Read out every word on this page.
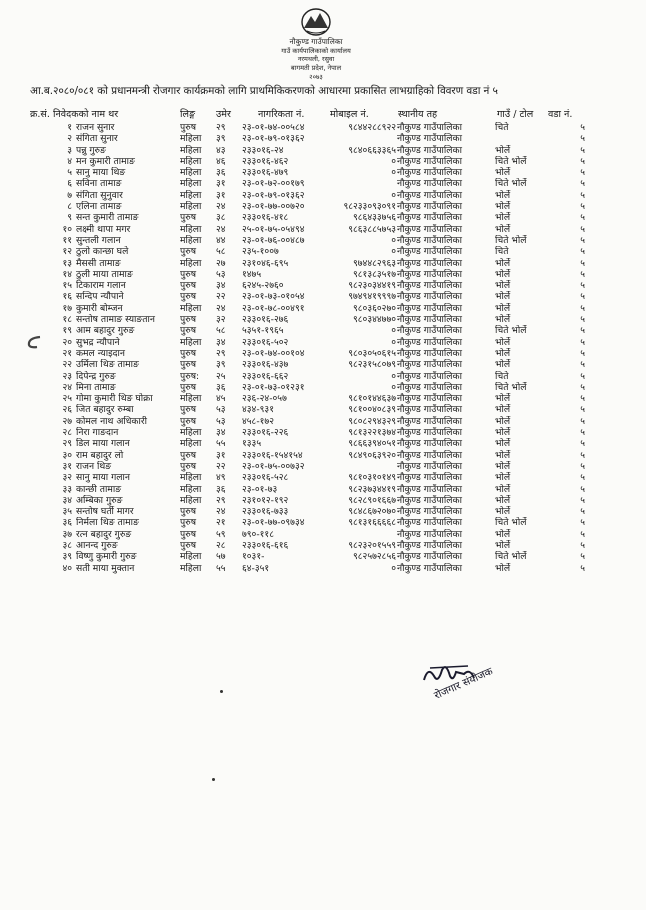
नौकुण्ड गाउँपालिका
गाउँ कार्यपालिकाको कार्यालय
नरमथली, रसुवा
बागमती प्रदेश, नेपाल
२०७३
आ.ब.२०८०/०८१ को प्रधानमन्त्री रोजगार कार्यक्रमको लागि प्राथमिकिकरणको आधारमा प्रकासित लाभग्राहिको विवरण वडा नं ५
क्र.सं. निवेदकको नाम थर	लिङ्ग	उमेर	नागरिकता नं.	मोबाइल नं.	स्थानीय तह	गाउँ / टोल	वडा नं.
१ राजन सुनार	पुरुष	२९	२३-०१-७४-००५८४	९८४४२८८९२२ नौकुण्ड गाउँपालिका	चिते	५
२ संगिता सुनार	महिला	३९	२३-०१-७९-०१३६२	नौकुण्ड गाउँपालिका	५
३ पन्नु गुरुङ	महिला	४३	२३३०१६-२४	९८४०६६३३६५ नौकुण्ड गाउँपालिका	भोर्ले	५
४ मन कुमारी तामाङ	महिला	४६	२३३०१६-४६२	० नौकुण्ड गाउँपालिका	चिते भोर्ले	५
५ सानु माया थिङ	महिला	३६	२३३०१६-४७९	० नौकुण्ड गाउँपालिका	भोर्ले	५
६ सविना तामाङ	महिला	३१	२३-०१-७२-००१७९	नौकुण्ड गाउँपालिका	चिते भोर्ले	५
७ संगिता सुनुवार	महिला	३१	२३-०१-७९-०१३६२	० नौकुण्ड गाउँपालिका	भोर्ले	५
८ एलिना तामाङ	महिला	२४	२३-०१-७७-००७२०	९८२३३०९३०९१ नौकुण्ड गाउँपालिका	भोर्ले	५
९ सन्त कुमारी तामाङ	पुरुष	३८	२३३०१६-४१८	९८६४३३७५६ नौकुण्ड गाउँपालिका	भोर्ले	५
१० लक्ष्मी थापा मगर	महिला	२४	२५-०१-७५-०५४९४	९८६३८८५७५३ नौकुण्ड गाउँपालिका	भोर्ले	५
११ सुन्तली गलान	महिला	४४	२३-०१-७६-००४८७	० नौकुण्ड गाउँपालिका	चिते भोर्ले	५
१२ ठुलो कान्छा घले	पुरुष	५८	२३५-१००७	० नौकुण्ड गाउँपालिका	चिते	५
१३ मैससी तामाङ	महिला	२७	२३१०४६-६९५	९७४४८२९६३ नौकुण्ड गाउँपालिका	भोर्ले	५
१४ ठुली माया तामाङ	पुरुष	५३	१४७५	९८१३८३५१७ नौकुण्ड गाउँपालिका	भोर्ले	५
१५ टिकाराम गलान	पुरुष	३४	६२४५-२७६०	९८२३०३४४१९ नौकुण्ड गाउँपालिका	भोर्ले	५
१६ सन्दिप न्यौपाने	पुरुष	२२	२३-०१-७३-०१०५४	९७४९४१९९९७ नौकुण्ड गाउँपालिका	भोर्ले	५
१७ कुमारी बोम्जन	महिला	२४	२३-०१-७८-००४९१	९८०३६०२७० नौकुण्ड गाउँपालिका	भोर्ले	५
१८ सन्तोष तामाङ स्याङतान	पुरुष	३२	२३३०१६-२७६	९८०३४४७७० नौकुण्ड गाउँपालिका	भोर्ले	५
१९ आम बहादुर गुरुङ	पुरुष	५८	५३५१-१९६५	० नौकुण्ड गाउँपालिका	चिते भोर्ले	५
२० सुभद्र न्यौपाने	महिला	३४	२३३०१६-५०२	० नौकुण्ड गाउँपालिका	भोर्ले	५
२१ कमल न्याइदान	पुरुष	२९	२३-०१-७४-००१०४	९८०३०५०६१५ नौकुण्ड गाउँपालिका	भोर्ले	५
२२ उर्मिला थिङ तामाङ	पुरुष	३९	२३३०१६-४३७	९८२३१५८०७९ नौकुण्ड गाउँपालिका	भोर्ले	५
२३ दिपेन्द्र गुरुङ	पुरुष:	२५	२३३०१६-६६२	० नौकुण्ड गाउँपालिका	चिते	५
२४ मिना तामाङ	पुरुष	३६	२३-०१-७३-०१२३१	० नौकुण्ड गाउँपालिका	चिते भोर्ले	५
२५ गोमा कुमारी थिङ घोक्रा	महिला	४५	२३६-२४-०५७	९८१०१४४६३७ नौकुण्ड गाउँपालिका	भोर्ले	५
२६ जित बहादुर रुम्बा	पुरुष	५३	४३४-९३१	९८१००४०८३९ नौकुण्ड गाउँपालिका	भोर्ले	५
२७ कोमल नाथ अधिकारी	पुरुष	५३	४५८-१७२	९८०८२९४३२९ नौकुण्ड गाउँपालिका	भोर्ले	५
२८ निरा गाङदान	महिला	३४	२३३०१६-२२६	९८१३२२१३७४ नौकुण्ड गाउँपालिका	भोर्ले	५
२९ डिल माया गलान	महिला	५५	१३३५	९८६६३९४०५१ नौकुण्ड गाउँपालिका	भोर्ले	५
३० राम बहादुर लो	पुरुष	३१	२३३०१६-१५४१५४	९८४९०६३९२० नौकुण्ड गाउँपालिका	भोर्ले	५
३१ राजन थिङ	पुरुष	२२	२३-०१-७५-००७३२	नौकुण्ड गाउँपालिका	भोर्ले	५
३२ सानु माया गलान	महिला	४९	२३३०१६-५२८	९८१०३१०१४९ नौकुण्ड गाउँपालिका	भोर्ले	५
३३ कान्छी तामाङ	महिला	३६	२३-०१-७३	९८२३७३४४१९ नौकुण्ड गाउँपालिका	भोर्ले	५
३४ अम्बिका गुरुङ	महिला	२९	२३१०१२-१९२	९८२८९०१६६७ नौकुण्ड गाउँपालिका	भोर्ले	५
३५ सन्तोष घर्ती मागर	पुरुष	२४	२३३०१६-७३३	९८४८६७२०७० नौकुण्ड गाउँपालिका	भोर्ले	५
३६ निर्मला थिङ तामाङ	पुरुष	२१	२३-०१-७७-०९७३४	९८१३१६६६६८ नौकुण्ड गाउँपालिका	चिते भोर्ले	५
३७ रत्न बहादुर गुरुङ	पुरुष	५९	७९०-११८	नौकुण्ड गाउँपालिका	भोर्ले	५
३८ आनन्द गुरुङ	पुरुष	२८	२३३०१६-६१६	९८२३२०१५५९ नौकुण्ड गाउँपालिका	भोर्ले	५
३९ विष्णु कुमारी गुरुङ	महिला	५७	१०३१-	९८२५७२८५६ नौकुण्ड गाउँपालिका	चिते भोर्ले	५
४० सती माया मुक्तान	महिला	५५	६४-३५१	० नौकुण्ड गाउँपालिका	भोर्ले	५
रोजगार संयोजक
